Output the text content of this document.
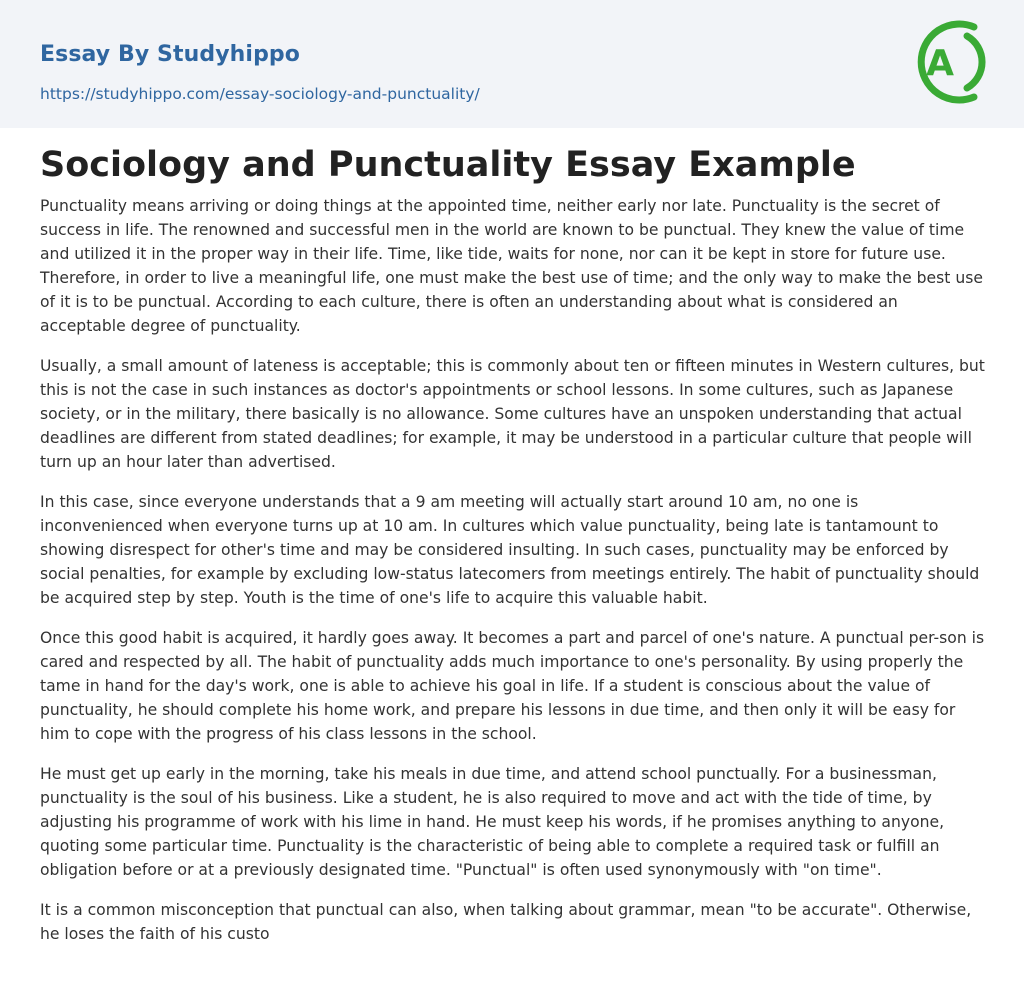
Essay By Studyhippo
https://studyhippo.com/essay-sociology-and-punctuality/
A
Sociology and Punctuality Essay Example

Punctuality means arriving or doing things at the appointed time, neither early nor late. Punctuality is the secret of success in life. The renowned and successful men in the world are known to be punctual. They knew the value of time and utilized it in the proper way in their life. Time, like tide, waits for none, nor can it be kept in store for future use. Therefore, in order to live a meaningful life, one must make the best use of time; and the only way to make the best use of it is to be punctual. According to each culture, there is often an understanding about what is considered an acceptable degree of punctuality.

Usually, a small amount of lateness is acceptable; this is commonly about ten or fifteen minutes in Western cultures, but this is not the case in such instances as doctor's appointments or school lessons. In some cultures, such as Japanese society, or in the military, there basically is no allowance. Some cultures have an unspoken understanding that actual deadlines are different from stated deadlines; for example, it may be understood in a particular culture that people will turn up an hour later than advertised.

In this case, since everyone understands that a 9 am meeting will actually start around 10 am, no one is inconvenienced when everyone turns up at 10 am. In cultures which value punctuality, being late is tantamount to showing disrespect for other's time and may be considered insulting. In such cases, punctuality may be enforced by social penalties, for example by excluding low-status latecomers from meetings entirely. The habit of punctuality should be acquired step by step. Youth is the time of one's life to acquire this valuable habit.

Once this good habit is acquired, it hardly goes away. It becomes a part and parcel of one's nature. A punctual per-son is cared and respected by all. The habit of punctuality adds much importance to one's personality. By using properly the tame in hand for the day's work, one is able to achieve his goal in life. If a student is conscious about the value of punctuality, he should complete his home work, and prepare his lessons in due time, and then only it will be easy for him to cope with the progress of his class lessons in the school.

He must get up early in the morning, take his meals in due time, and attend school punctually. For a businessman, punctuality is the soul of his business. Like a student, he is also required to move and act with the tide of time, by adjusting his programme of work with his lime in hand. He must keep his words, if he promises anything to anyone, quoting some particular time. Punctuality is the characteristic of being able to complete a required task or fulfill an obligation before or at a previously designated time. "Punctual" is often used synonymously with "on time".

It is a common misconception that punctual can also, when talking about grammar, mean "to be accurate". Otherwise, he loses the faith of his custo
